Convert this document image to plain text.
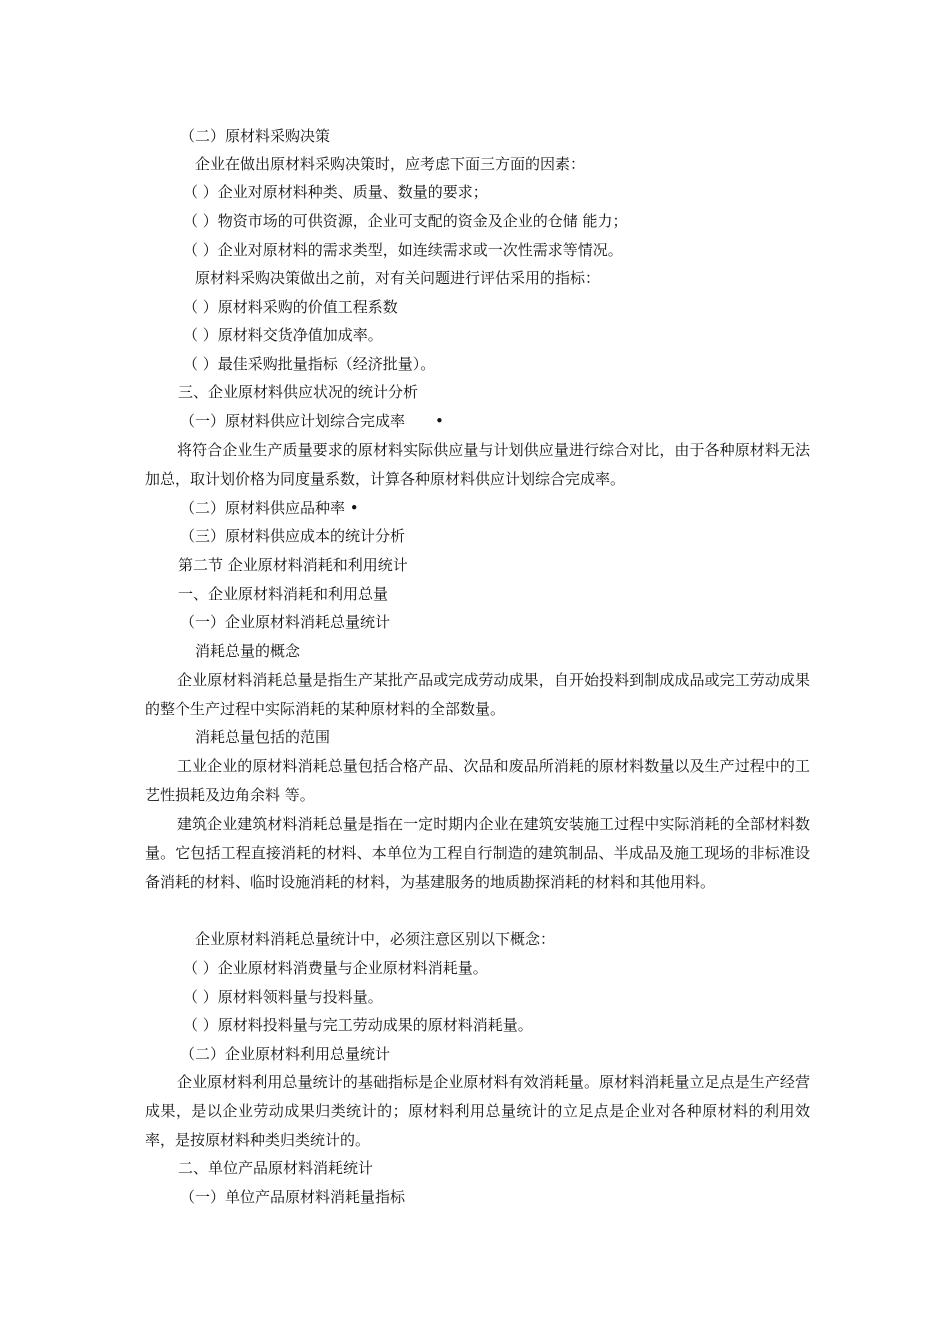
（二）原材料采购决策
企业在做出原材料采购决策时，应考虑下面三方面的因素：
（ ）企业对原材料种类、质量、数量的要求；
（ ）物资市场的可供资源，企业可支配的资金及企业的仓储 能力；
（ ）企业对原材料的需求类型，如连续需求或一次性需求等情况。
原材料采购决策做出之前，对有关问题进行评估采用的指标：
（ ）原材料采购的价值工程系数
（ ）原材料交货净值加成率。
（ ）最佳采购批量指标（经济批量）。
三、企业原材料供应状况的统计分析
（一）原材料供应计划综合完成率　　•
将符合企业生产质量要求的原材料实际供应量与计划供应量进行综合对比，由于各种原材料无法加总，取计划价格为同度量系数，计算各种原材料供应计划综合完成率。
（二）原材料供应品种率 •
（三）原材料供应成本的统计分析
第二节 企业原材料消耗和利用统计
一、企业原材料消耗和利用总量
（一）企业原材料消耗总量统计
消耗总量的概念
企业原材料消耗总量是指生产某批产品或完成劳动成果，自开始投料到制成成品或完工劳动成果的整个生产过程中实际消耗的某种原材料的全部数量。
消耗总量包括的范围
工业企业的原材料消耗总量包括合格产品、次品和废品所消耗的原材料数量以及生产过程中的工艺性损耗及边角余料 等。
建筑企业建筑材料消耗总量是指在一定时期内企业在建筑安装施工过程中实际消耗的全部材料数量。它包括工程直接消耗的材料、本单位为工程自行制造的建筑制品、半成品及施工现场的非标准设备消耗的材料、临时设施消耗的材料，为基建服务的地质勘探消耗的材料和其他用料。
企业原材料消耗总量统计中，必须注意区别以下概念：
（ ）企业原材料消费量与企业原材料消耗量。
（ ）原材料领料量与投料量。
（ ）原材料投料量与完工劳动成果的原材料消耗量。
（二）企业原材料利用总量统计
企业原材料利用总量统计的基础指标是企业原材料有效消耗量。原材料消耗量立足点是生产经营成果，是以企业劳动成果归类统计的；原材料利用总量统计的立足点是企业对各种原材料的利用效率，是按原材料种类归类统计的。
二、单位产品原材料消耗统计
（一）单位产品原材料消耗量指标
